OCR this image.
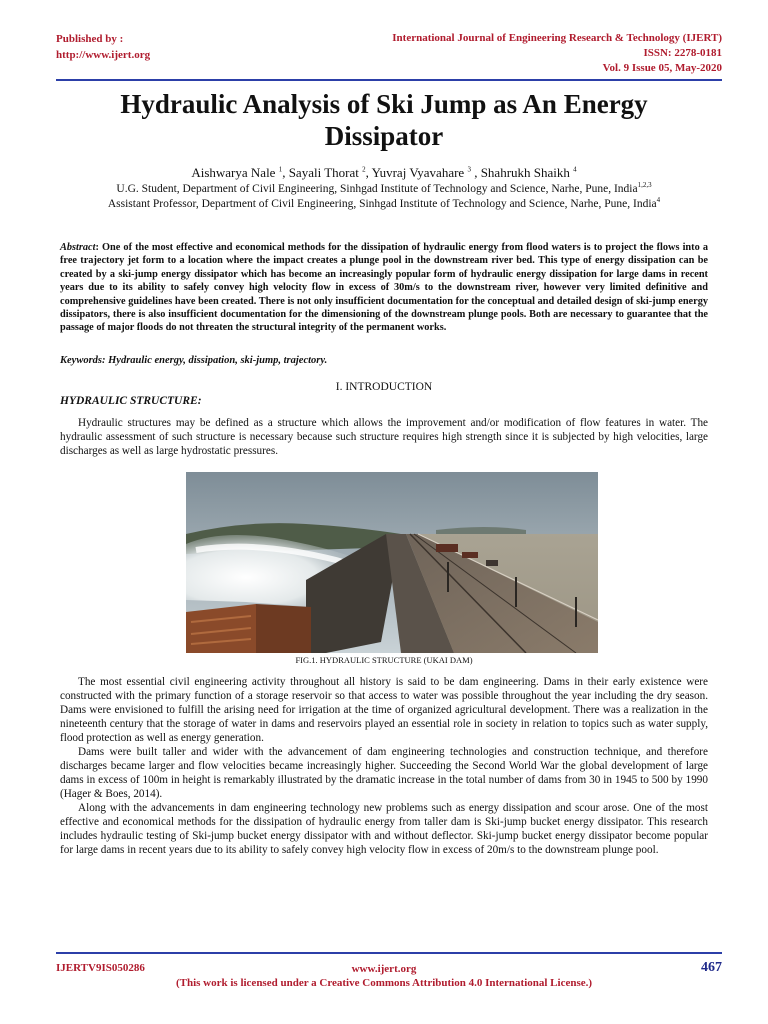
Published by :
http://www.ijert.org
International Journal of Engineering Research & Technology (IJERT)
ISSN: 2278-0181
Vol. 9 Issue 05, May-2020
Hydraulic Analysis of Ski Jump as An Energy Dissipator
Aishwarya Nale $^1$, Sayali Thorat $^2$, Yuvraj Vyavahare $^3$ , Shahrukh Shaikh $^4$
U.G. Student, Department of Civil Engineering, Sinhgad Institute of Technology and Science, Narhe, Pune, India$^{1,2,3}$
Assistant Professor, Department of Civil Engineering, Sinhgad Institute of Technology and Science, Narhe, Pune, India$^4$
Abstract: One of the most effective and economical methods for the dissipation of hydraulic energy from flood waters is to project the flows into a free trajectory jet form to a location where the impact creates a plunge pool in the downstream river bed. This type of energy dissipation can be created by a ski-jump energy dissipator which has become an increasingly popular form of hydraulic energy dissipation for large dams in recent years due to its ability to safely convey high velocity flow in excess of 30m/s to the downstream river, however very limited definitive and comprehensive guidelines have been created. There is not only insufficient documentation for the conceptual and detailed design of ski-jump energy dissipators, there is also insufficient documentation for the dimensioning of the downstream plunge pools. Both are necessary to guarantee that the passage of major floods do not threaten the structural integrity of the permanent works.
Keywords: Hydraulic energy, dissipation, ski-jump, trajectory.
I. INTRODUCTION
HYDRAULIC STRUCTURE:
Hydraulic structures may be defined as a structure which allows the improvement and/or modification of flow features in water. The hydraulic assessment of such structure is necessary because such structure requires high strength since it is subjected by high velocities, large discharges as well as large hydrostatic pressures.
FIG.1. HYDRAULIC STRUCTURE (UKAI DAM)
The most essential civil engineering activity throughout all history is said to be dam engineering. Dams in their early existence were constructed with the primary function of a storage reservoir so that access to water was possible throughout the year including the dry season. Dams were envisioned to fulfill the arising need for irrigation at the time of organized agricultural development. There was a realization in the nineteenth century that the storage of water in dams and reservoirs played an essential role in society in relation to topics such as water supply, flood protection as well as energy generation.
Dams were built taller and wider with the advancement of dam engineering technologies and construction technique, and therefore discharges became larger and flow velocities became increasingly higher. Succeeding the Second World War the global development of large dams in excess of 100m in height is remarkably illustrated by the dramatic increase in the total number of dams from 30 in 1945 to 500 by 1990 (Hager & Boes, 2014).
Along with the advancements in dam engineering technology new problems such as energy dissipation and scour arose. One of the most effective and economical methods for the dissipation of hydraulic energy from taller dam is Ski-jump bucket energy dissipator. This research includes hydraulic testing of Ski-jump bucket energy dissipator with and without deflector. Ski-jump bucket energy dissipator become popular for large dams in recent years due to its ability to safely convey high velocity flow in excess of 20m/s to the downstream plunge pool.
IJERTV9IS050286	www.ijert.org
(This work is licensed under a Creative Commons Attribution 4.0 International License.)
467
